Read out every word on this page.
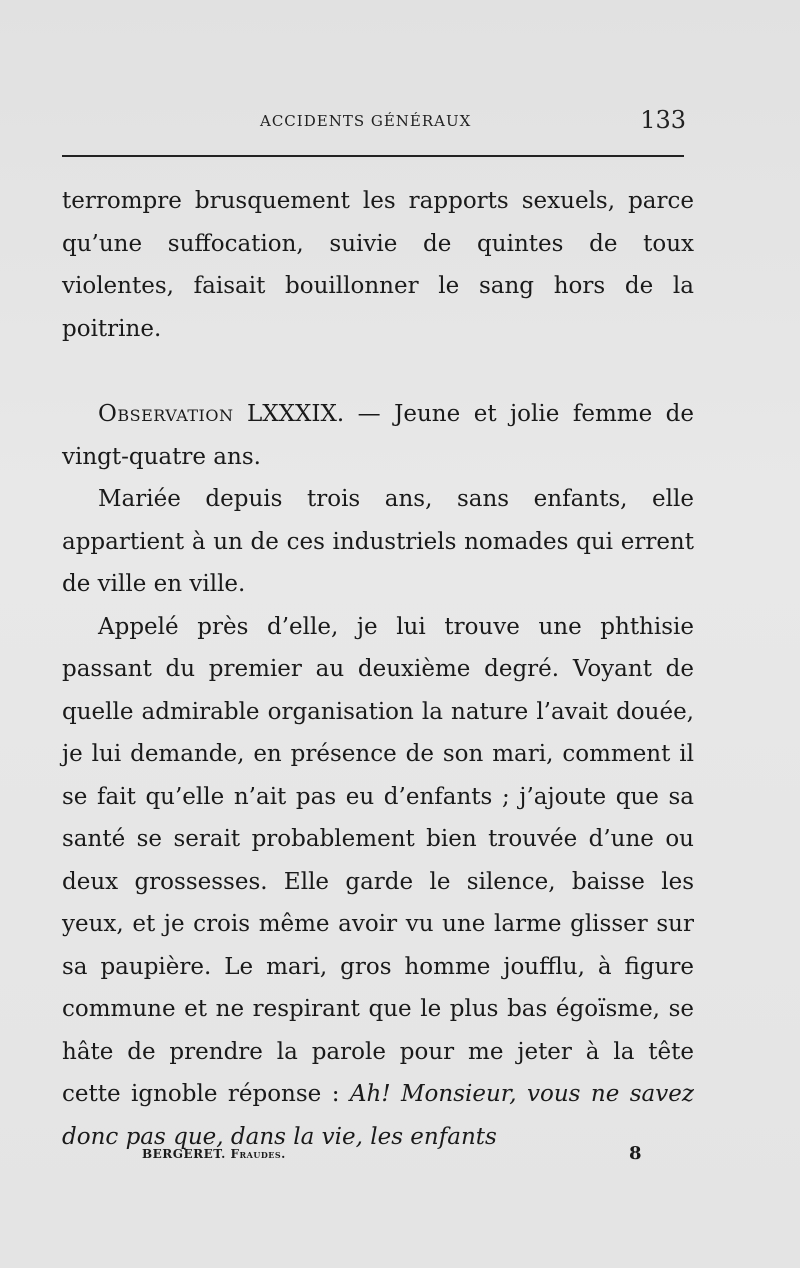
ACCIDENTS GÉNÉRAUX	133

terrompre brusquement les rapports sexuels, parce qu’une suffocation, suivie de quintes de toux violentes, faisait bouillonner le sang hors de la poitrine.

Observation LXXXIX. — Jeune et jolie femme de vingt-quatre ans.

Mariée depuis trois ans, sans enfants, elle appartient à un de ces industriels nomades qui errent de ville en ville.

Appelé près d’elle, je lui trouve une phthisie passant du premier au deuxième degré. Voyant de quelle admirable organisation la nature l’avait douée, je lui demande, en présence de son mari, comment il se fait qu’elle n’ait pas eu d’enfants ; j’ajoute que sa santé se serait probablement bien trouvée d’une ou deux grossesses. Elle garde le silence, baisse les yeux, et je crois même avoir vu une larme glisser sur sa paupière. Le mari, gros homme joufflu, à figure commune et ne respirant que le plus bas égoïsme, se hâte de prendre la parole pour me jeter à la tête cette ignoble réponse : Ah! Monsieur, vous ne savez donc pas que, dans la vie, les enfants

BERGERET. Fraudes.	8
